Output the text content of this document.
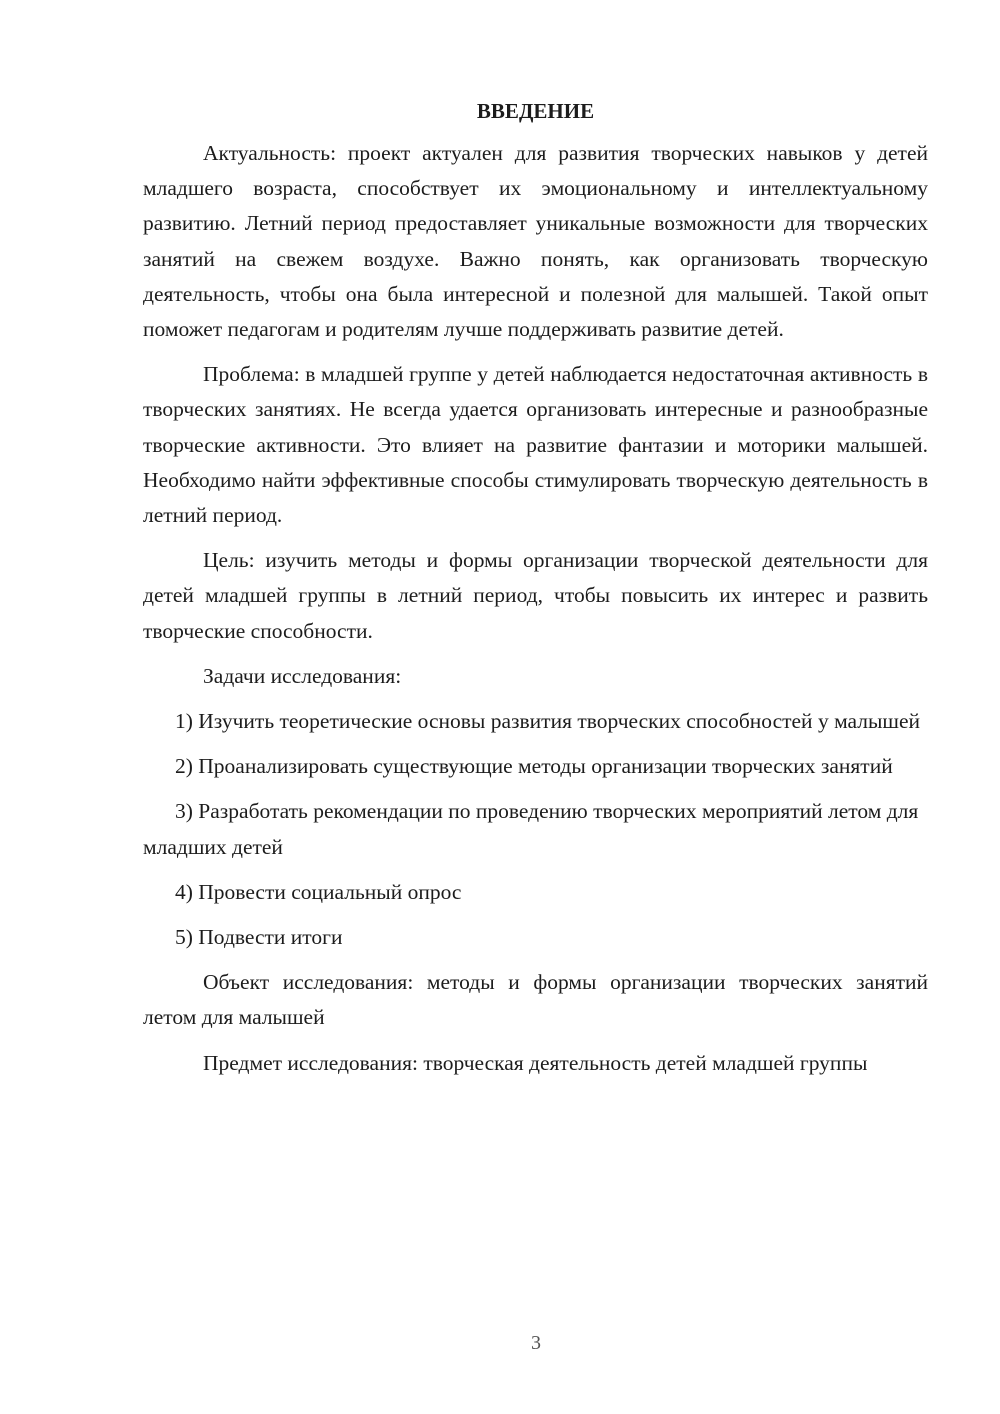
ВВЕДЕНИЕ

Актуальность: проект актуален для развития творческих навыков у детей младшего возраста, способствует их эмоциональному и интеллектуальному развитию. Летний период предоставляет уникальные возможности для творческих занятий на свежем воздухе. Важно понять, как организовать творческую деятельность, чтобы она была интересной и полезной для малышей. Такой опыт поможет педагогам и родителям лучше поддерживать развитие детей.

Проблема: в младшей группе у детей наблюдается недостаточная активность в творческих занятиях. Не всегда удается организовать интересные и разнообразные творческие активности. Это влияет на развитие фантазии и моторики малышей. Необходимо найти эффективные способы стимулировать творческую деятельность в летний период.

Цель: изучить методы и формы организации творческой деятельности для детей младшей группы в летний период, чтобы повысить их интерес и развить творческие способности.

Задачи исследования:

1) Изучить теоретические основы развития творческих способностей у малышей

2) Проанализировать существующие методы организации творческих занятий

3) Разработать рекомендации по проведению творческих мероприятий летом для младших детей

4) Провести социальный опрос

5) Подвести итоги

Объект исследования: методы и формы организации творческих занятий летом для малышей

Предмет исследования: творческая деятельность детей младшей группы

3
